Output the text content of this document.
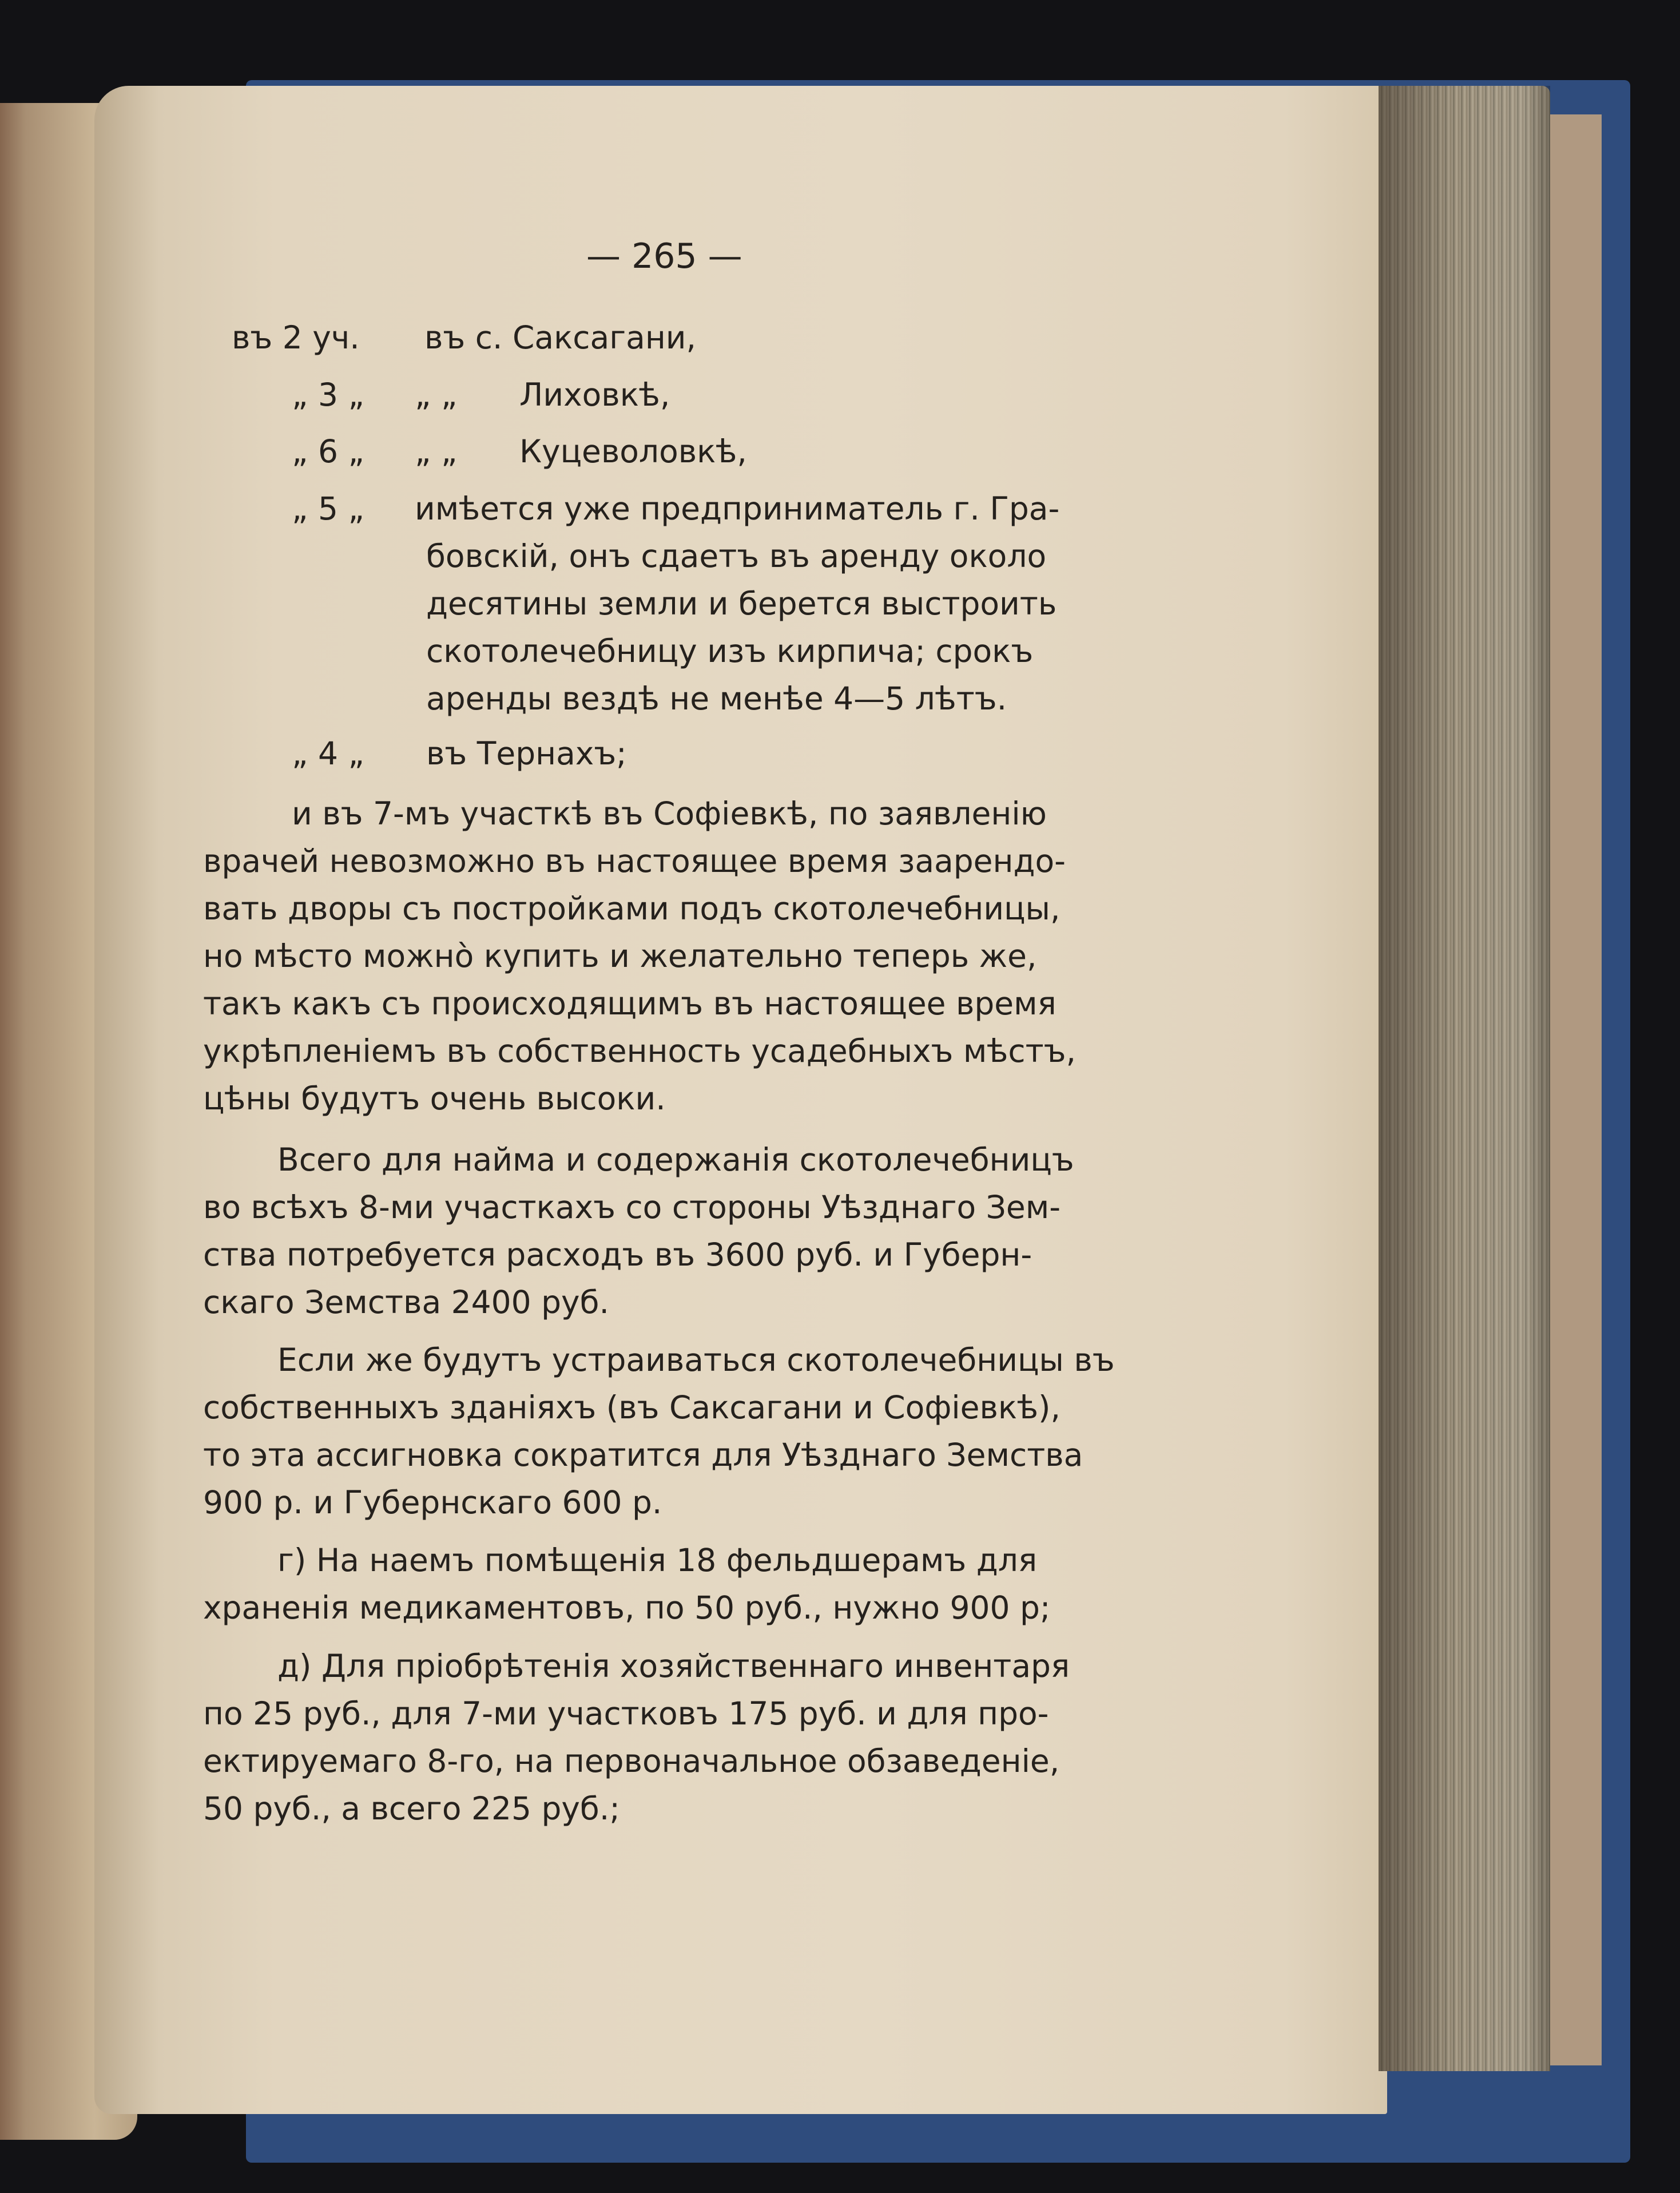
— 265 —
въ 2 уч. въ с. Саксагани,
„ 3 „ „ „ Лиховкѣ,
„ 6 „ „ „ Куцеволовкѣ,
„ 5 „ имѣется уже предприниматель г. Гра-
бовскій, онъ сдаетъ въ аренду около
десятины земли и берется выстроить
скотолечебницу изъ кирпича; срокъ
аренды вездѣ не менѣе 4—5 лѣтъ.
„ 4 „ въ Тернахъ;
и въ 7-мъ участкѣ въ Софіевкѣ, по заявленію
врачей невозможно въ настоящее время заарендо-
вать дворы съ постройками подъ скотолечебницы,
но мѣсто можнò купить и желательно теперь же,
такъ какъ съ происходящимъ въ настоящее время
укрѣпленіемъ въ собственность усадебныхъ мѣстъ,
цѣны будутъ очень высоки.
Всего для найма и содержанія скотолечебницъ
во всѣхъ 8-ми участкахъ со стороны Уѣзднаго Зем-
ства потребуется расходъ въ 3600 руб. и Губерн-
скаго Земства 2400 руб.
Если же будутъ устраиваться скотолечебницы въ
собственныхъ зданіяхъ (въ Саксагани и Софіевкѣ),
то эта ассигновка сократится для Уѣзднаго Земства
900 р. и Губернскаго 600 р.
г) На наемъ помѣщенія 18 фельдшерамъ для
храненія медикаментовъ, по 50 руб., нужно 900 р;
д) Для пріобрѣтенія хозяйственнаго инвентаря
по 25 руб., для 7-ми участковъ 175 руб. и для про-
ектируемаго 8-го, на первоначальное обзаведеніе,
50 руб., а всего 225 руб.;
